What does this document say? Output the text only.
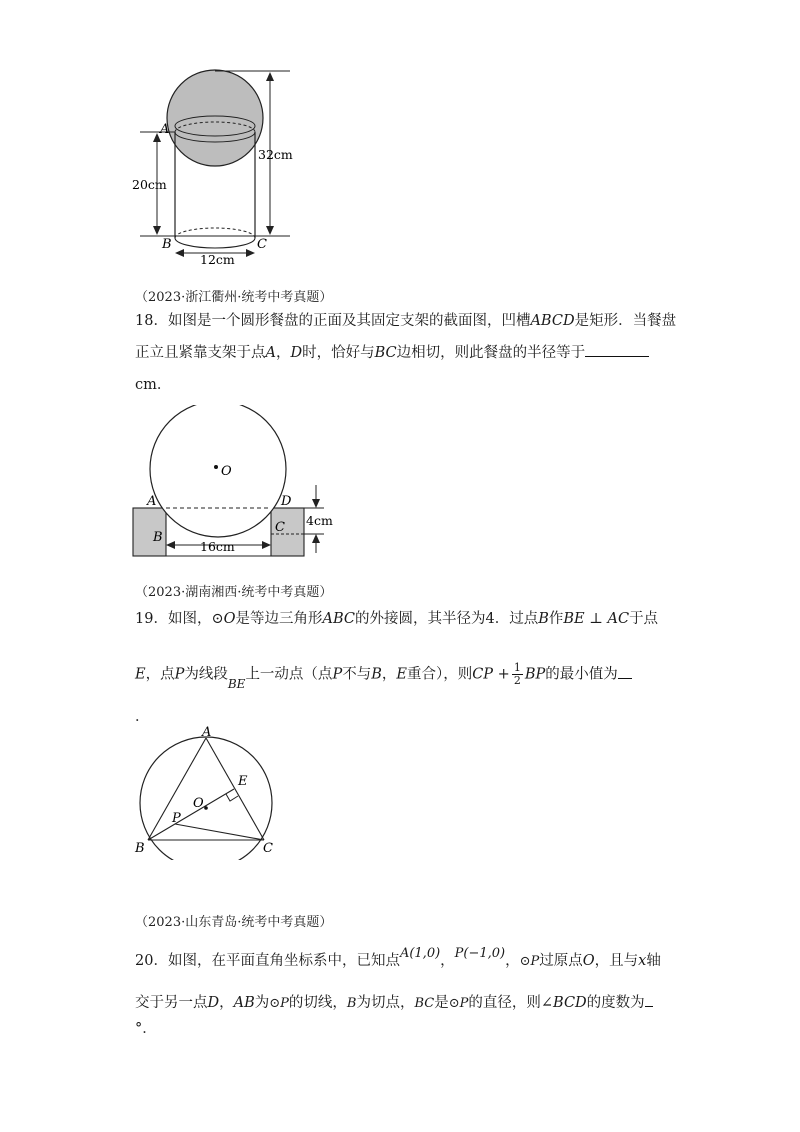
A
B	C
32cm
20cm
12cm
（2023·浙江衢州·统考中考真题）
18．如图是一个圆形餐盘的正面及其固定支架的截面图，凹槽ABCD是矩形．当餐盘
正立且紧靠支架于点A，D时，恰好与BC边相切，则此餐盘的半径等于
cm．
O
A	D
B
C 4cm
16cm
（2023·湖南湘西·统考中考真题）
19．如图，⊙O是等边三角形ABC的外接圆，其半径为4．过点B作BE ⊥ AC于点
E，点P为线段$_{BE}$上一动点（点P不与B，E重合），则CP + $\frac{1}{2}$ BP的最小值为
．
A
E
O
P
B	C
（2023·山东青岛·统考中考真题）
20．如图，在平面直角坐标系中，已知点A(1,0)，P(−1,0)，⊙P过原点O，且与x轴
交于另一点D，AB为⊙P的切线，B为切点，BC是⊙P的直径，则∠BCD的度数为
°．
